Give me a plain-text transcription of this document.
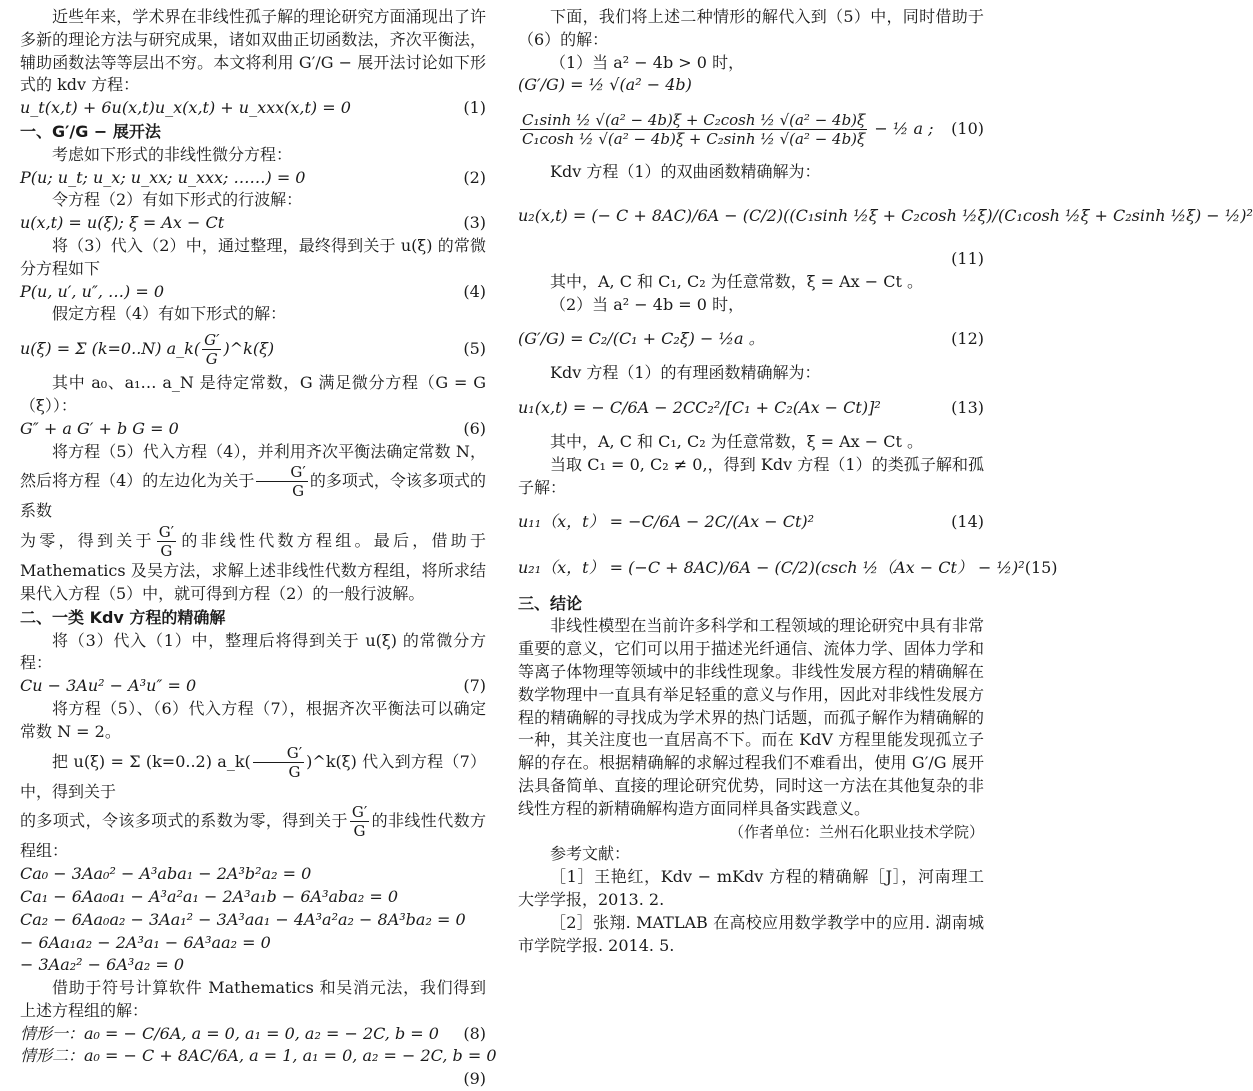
近些年来，学术界在非线性孤子解的理论研究方面涌现出了许多新的理论方法与研究成果，诸如双曲正切函数法，齐次平衡法，辅助函数法等等层出不穷。本文将利用 G′/G − 展开法讨论如下形式的 kdv 方程：

u_t(x,t) + 6u(x,t)u_x(x,t) + u_xxx(x,t) = 0	(1)

一、G′/G − 展开法

考虑如下形式的非线性微分方程：

P(u; u_t; u_x; u_xx; u_xxx; ……) = 0	(2)

令方程（2）有如下形式的行波解：

u(x,t) = u(ξ); ξ = Ax − Ct	(3)

将（3）代入（2）中，通过整理，最终得到关于 u(ξ) 的常微分方程如下

P(u, u′, u″, …) = 0	(4)

假定方程（4）有如下形式的解：

u(ξ) = Σ (k=0..N) a_k( $\frac{G'}{G}$ )^k(ξ)	(5)

其中 a₀、a₁… a_N 是待定常数，G 满足微分方程（G = G（ξ））：

G″ + a G′ + b G = 0	(6)

将方程（5）代入方程（4），并利用齐次平衡法确定常数 N，然后将方程（4）的左边化为关于 $\frac{G'}{G}$ 的多项式，令该多项式的系数

为零，得到关于 $\frac{G'}{G}$ 的非线性代数方程组。最后，借助于 Mathematics 及吴方法，求解上述非线性代数方程组，将所求结果代入方程（5）中，就可得到方程（2）的一般行波解。

二、一类 Kdv 方程的精确解

将（3）代入（1）中，整理后将得到关于 u(ξ) 的常微分方程：

Cu − 3Au² − A³u″ = 0	(7)

将方程（5）、（6）代入方程（7），根据齐次平衡法可以确定常数 N = 2。

把 u(ξ) = Σ (k=0..2) a_k( $\frac{G'}{G}$ )^k(ξ) 代入到方程（7）中，得到关于

的多项式，令该多项式的系数为零，得到关于 $\frac{G'}{G}$ 的非线性代数方程组：

Ca₀ − 3Aa₀² − A³aba₁ − 2A³b²a₂ = 0
Ca₁ − 6Aa₀a₁ − A³a²a₁ − 2A³a₁b − 6A³aba₂ = 0
Ca₂ − 6Aa₀a₂ − 3Aa₁² − 3A³aa₁ − 4A³a²a₂ − 8A³ba₂ = 0
− 6Aa₁a₂ − 2A³a₁ − 6A³aa₂ = 0
− 3Aa₂² − 6A³a₂ = 0

借助于符号计算软件 Mathematics 和吴消元法，我们得到上述方程组的解：

情形一：a₀ = − C/6A, a = 0, a₁ = 0, a₂ = − 2C, b = 0 (8)
情形二：a₀ = − C + 8AC/6A, a = 1, a₁ = 0, a₂ = − 2C, b = 0
(9)

下面，我们将上述二种情形的解代入到（5）中，同时借助于（6）的解：

（1）当 a² − 4b > 0 时，

(G′/G) = ½ √(a² − 4b)
$\frac{\text{C₁sinh ½ √(a² − 4b)ξ + C₂cosh ½ √(a² − 4b)ξ}}{\text{C₁cosh ½ √(a² − 4b)ξ + C₂sinh ½ √(a² − 4b)ξ}}$ − ½ a ; (10)

Kdv 方程（1）的双曲函数精确解为：

u₂(x,t) = (− C + 8AC)/6A − (C/2)((C₁sinh ½ξ + C₂cosh ½ξ)/(C₁cosh ½ξ + C₂sinh ½ξ) − ½)²
(11)

其中，A, C 和 C₁, C₂ 为任意常数，ξ = Ax − Ct 。

（2）当 a² − 4b = 0 时，

(G′/G) = C₂/(C₁ + C₂ξ) − ½a 。	(12)

Kdv 方程（1）的有理函数精确解为：

u₁(x,t) = − C/6A − 2CC₂²/[C₁ + C₂(Ax − Ct)]²	(13)

其中，A, C 和 C₁, C₂ 为任意常数，ξ = Ax − Ct 。

当取 C₁ = 0, C₂ ≠ 0,，得到 Kdv 方程（1）的类孤子解和孤子解：

u₁₁（x，t） = −C/6A − 2C/(Ax − Ct)²	(14)
u₂₁（x，t） = (−C + 8AC)/6A − (C/2)(csch ½（Ax − Ct） − ½)² (15)

三、结论

非线性模型在当前许多科学和工程领域的理论研究中具有非常重要的意义，它们可以用于描述光纤通信、流体力学、固体力学和等离子体物理等领域中的非线性现象。非线性发展方程的精确解在数学物理中一直具有举足轻重的意义与作用，因此对非线性发展方程的精确解的寻找成为学术界的热门话题，而孤子解作为精确解的一种，其关注度也一直居高不下。而在 KdV 方程里能发现孤立子解的存在。根据精确解的求解过程我们不难看出，使用 G′/G 展开法具备简单、直接的理论研究优势，同时这一方法在其他复杂的非线性方程的新精确解构造方面同样具备实践意义。

（作者单位：兰州石化职业技术学院）

参考文献：

［1］王艳红，Kdv − mKdv 方程的精确解［J］，河南理工大学学报，2013. 2.

［2］张翔. MATLAB 在高校应用数学教学中的应用. 湖南城市学院学报. 2014. 5.
